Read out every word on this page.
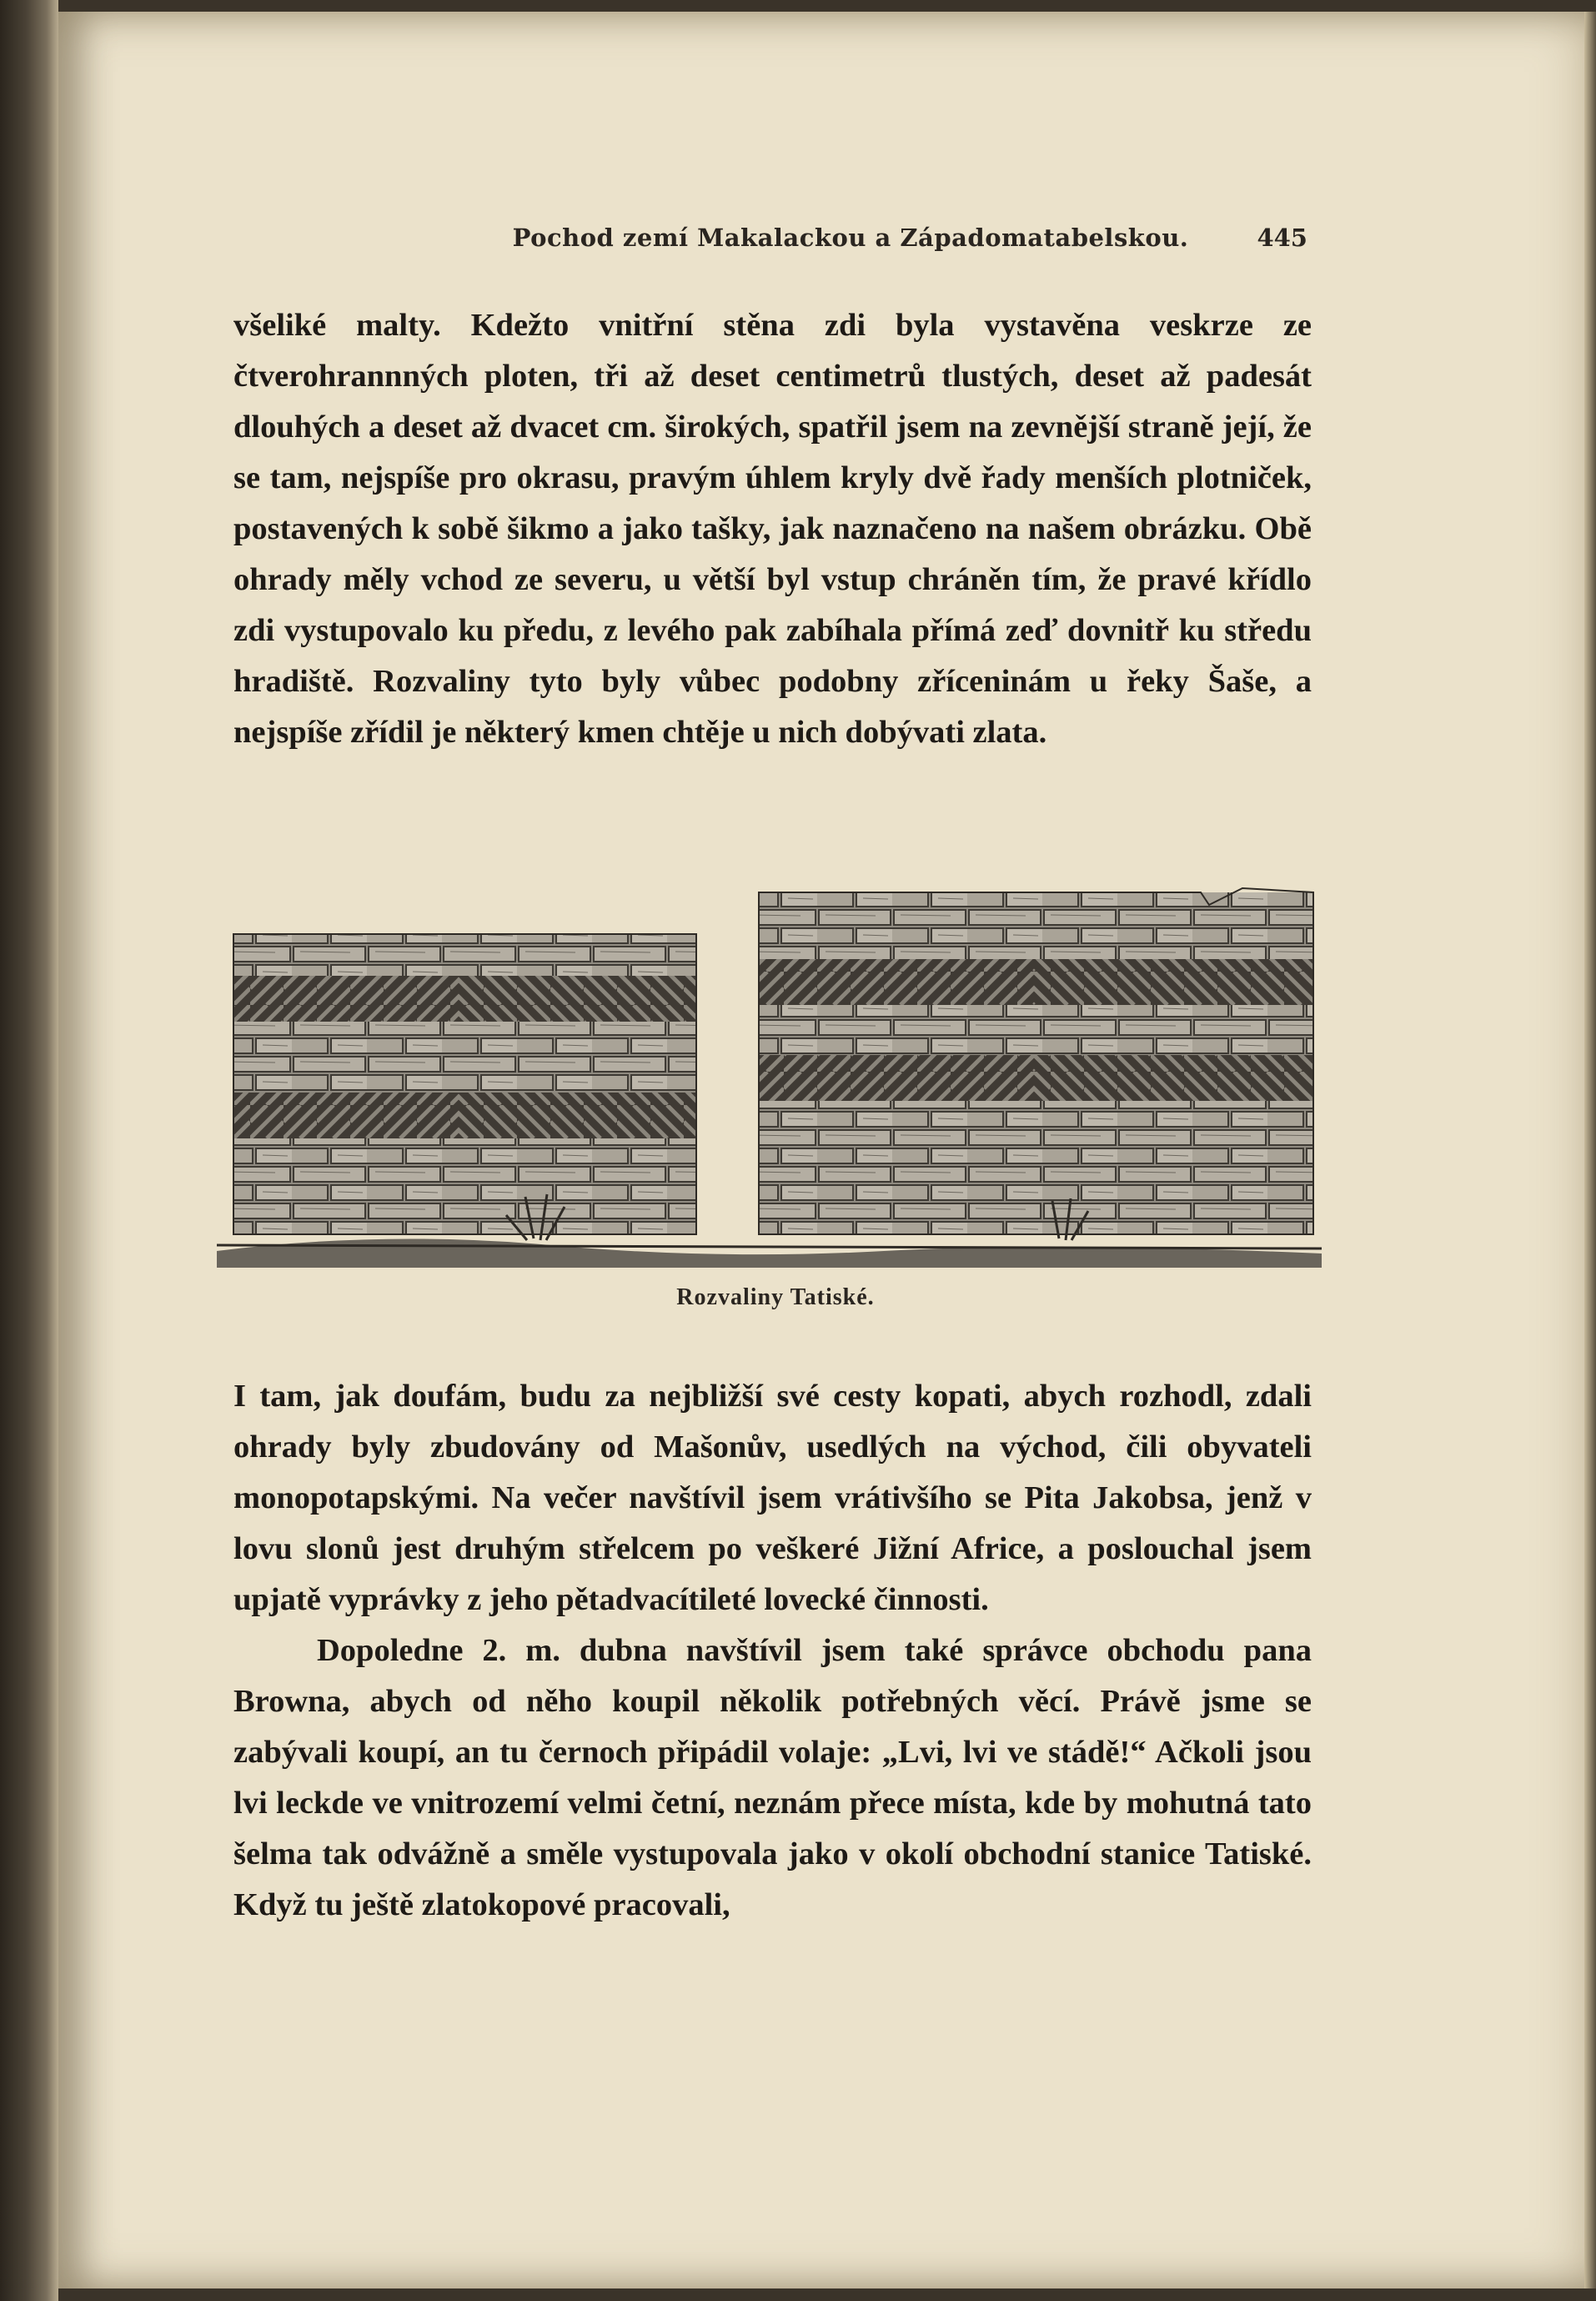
Pochod zemí Makalackou a Západomatabelskou.	445

všeliké malty. Kdežto vnitřní stěna zdi byla vystavěna veskrze ze čtverohrannných ploten, tři až deset centimetrů tlustých, deset až padesát dlouhých a deset až dvacet cm. širokých, spatřil jsem na zevnější straně její, že se tam, nejspíše pro okrasu, pravým úhlem kryly dvě řady menších plotniček, postavených k sobě šikmo a jako tašky, jak naznačeno na našem obrázku. Obě ohrady měly vchod ze severu, u větší byl vstup chráněn tím, že pravé křídlo zdi vystupovalo ku předu, z levého pak zabíhala přímá zeď dovnitř ku středu hradiště. Rozvaliny tyto byly vůbec podobny zříceninám u řeky Šaše, a nejspíše zřídil je některý kmen chtěje u nich dobývati zlata.

Rozvaliny Tatiské.

I tam, jak doufám, budu za nejbližší své cesty kopati, abych rozhodl, zdali ohrady byly zbudovány od Mašonův, usedlých na východ, čili obyvateli monopotapskými. Na večer navštívil jsem vrátivšího se Pita Jakobsa, jenž v lovu slonů jest druhým střelcem po veškeré Jižní Africe, a poslouchal jsem upjatě vyprávky z jeho pětadvacítileté lovecké činnosti.

Dopoledne 2. m. dubna navštívil jsem také správce obchodu pana Browna, abych od něho koupil několik potřebných věcí. Právě jsme se zabývali koupí, an tu černoch připádil volaje: „Lvi, lvi ve stádě!“ Ačkoli jsou lvi leckde ve vnitrozemí velmi četní, neznám přece místa, kde by mohutná tato šelma tak odvážně a směle vystupovala jako v okolí obchodní stanice Tatiské. Když tu ještě zlatokopové pracovali,
